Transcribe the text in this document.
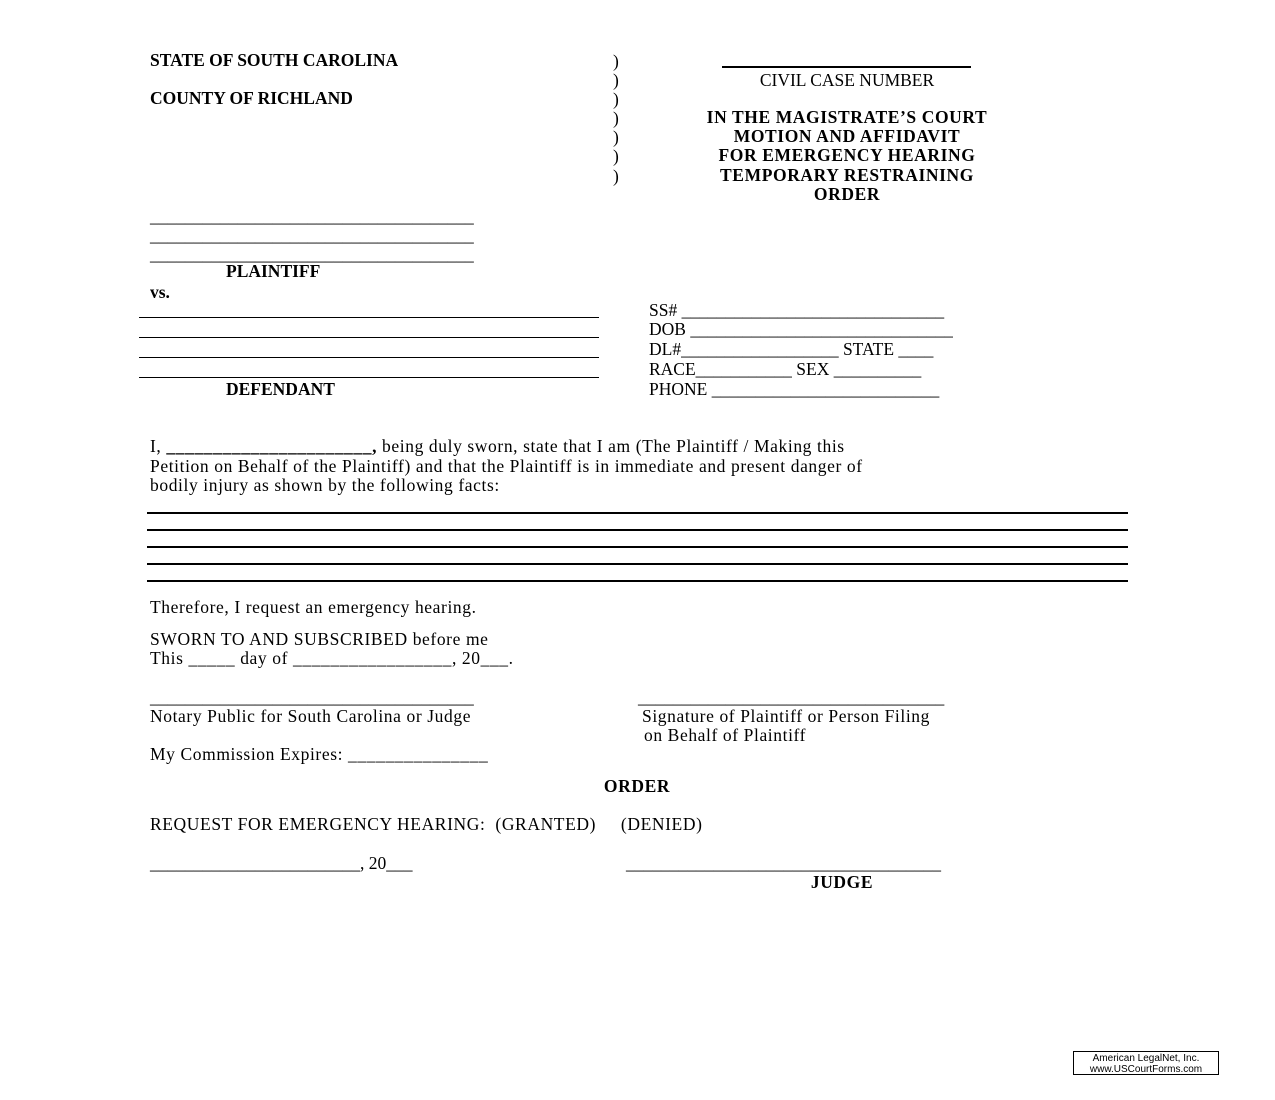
STATE OF SOUTH CAROLINA
COUNTY OF RICHLAND
)
)
)
)
)
)
)
CIVIL CASE NUMBER
IN THE MAGISTRATE’S COURT
MOTION AND AFFIDAVIT
FOR EMERGENCY HEARING
TEMPORARY RESTRAINING
ORDER
_____________________________________
_____________________________________
_____________________________________
PLAINTIFF
vs.
DEFENDANT
SS# ______________________________
DOB ______________________________
DL#__________________ STATE ____
RACE___________ SEX __________
PHONE __________________________
I, ______________________, being duly sworn, state that I am (The Plaintiff / Making this
Petition on Behalf of the Plaintiff) and that the Plaintiff is in immediate and present danger of
bodily injury as shown by the following facts:
Therefore, I request an emergency hearing.
SWORN TO AND SUBSCRIBED before me
This _____ day of _________________, 20___.
_____________________________________	___________________________________
Notary Public for South Carolina or Judge	Signature of Plaintiff or Person Filing
on Behalf of Plaintiff
My Commission Expires: _______________
ORDER
REQUEST FOR EMERGENCY HEARING:  (GRANTED)     (DENIED)
________________________, 20___	____________________________________
JUDGE
American LegalNet, Inc.
www.USCourtForms.com
